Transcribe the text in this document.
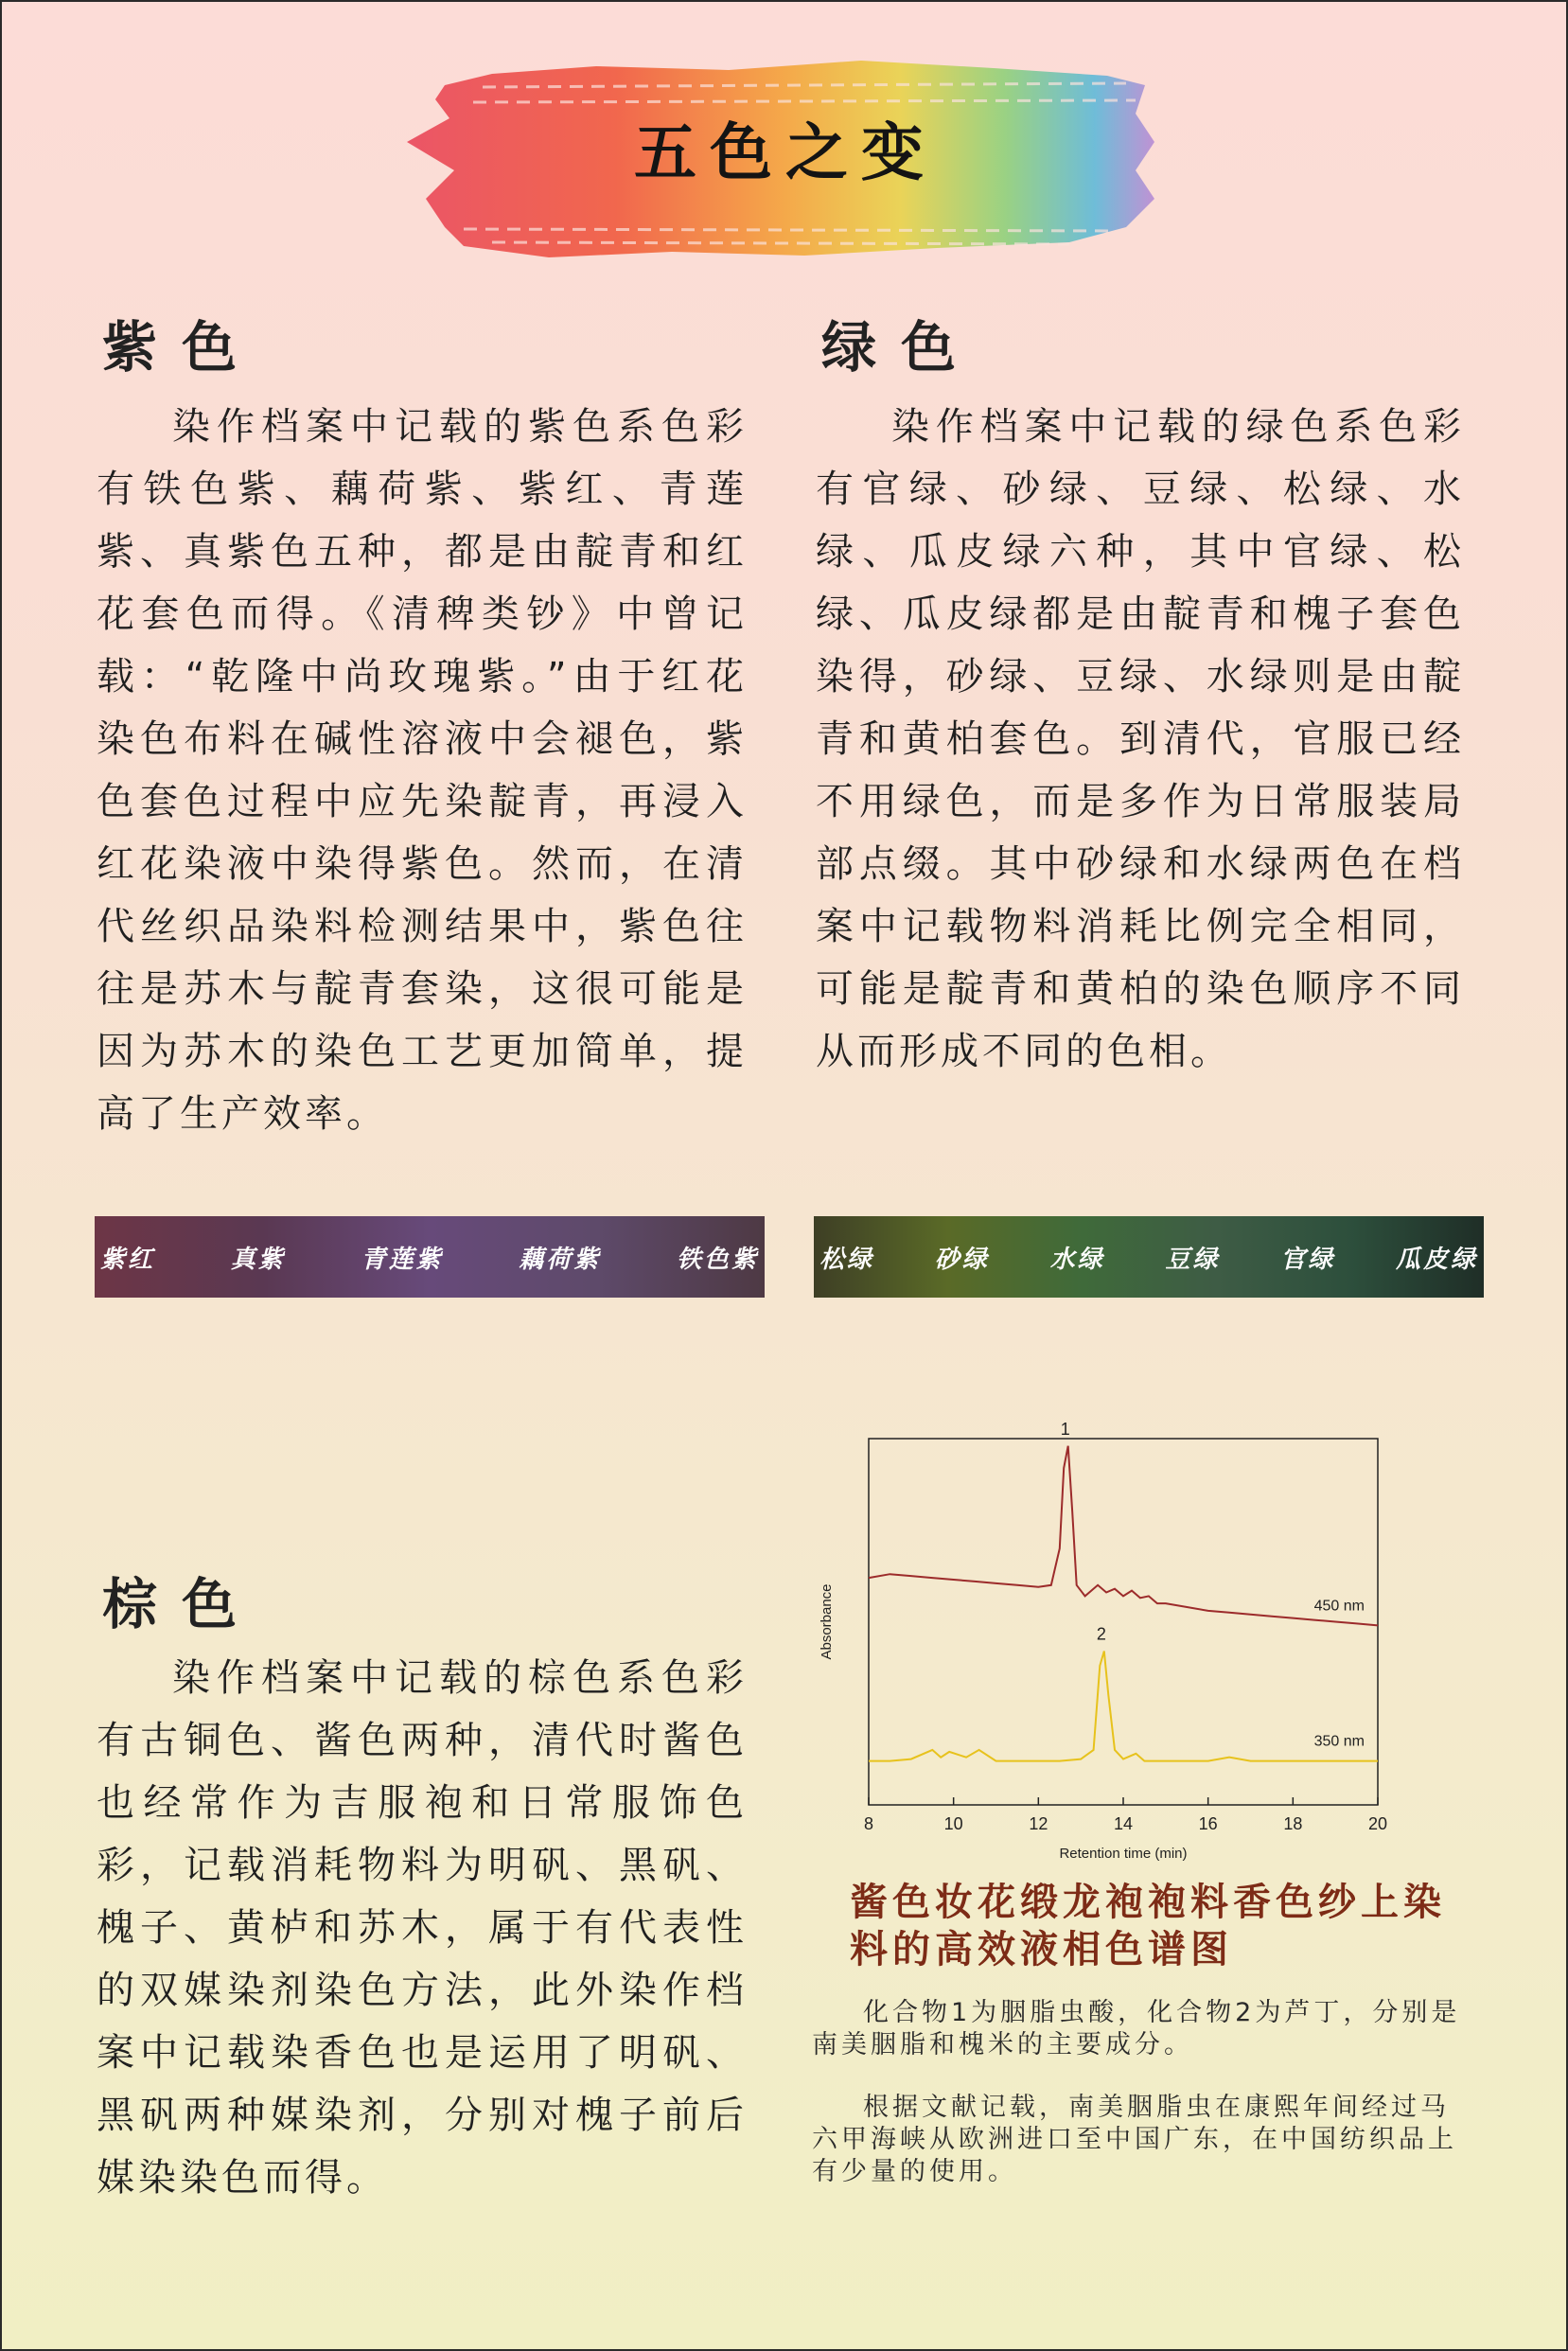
五色之变
紫色
染作档案中记载的紫色系色彩有铁色紫、藕荷紫、紫红、青莲紫、真紫色五种，都是由靛青和红花套色而得。《清稗类钞》中曾记载：“乾隆中尚玫瑰紫。”由于红花染色布料在碱性溶液中会褪色，紫色套色过程中应先染靛青，再浸入红花染液中染得紫色。然而，在清代丝织品染料检测结果中，紫色往往是苏木与靛青套染，这很可能是因为苏木的染色工艺更加简单，提高了生产效率。
紫红	真紫	青莲紫	藕荷紫	铁色紫
绿色
染作档案中记载的绿色系色彩有官绿、砂绿、豆绿、松绿、水绿、瓜皮绿六种，其中官绿、松绿、瓜皮绿都是由靛青和槐子套色染得，砂绿、豆绿、水绿则是由靛青和黄柏套色。到清代，官服已经不用绿色，而是多作为日常服装局部点缀。其中砂绿和水绿两色在档案中记载物料消耗比例完全相同，可能是靛青和黄柏的染色顺序不同从而形成不同的色相。
松绿 砂绿 水绿 豆绿 官绿 瓜皮绿
棕色
染作档案中记载的棕色系色彩有古铜色、酱色两种，清代时酱色也经常作为吉服袍和日常服饰色彩，记载消耗物料为明矾、黑矾、槐子、黄栌和苏木，属于有代表性的双媒染剂染色方法，此外染作档案中记载染香色也是运用了明矾、黑矾两种媒染剂，分别对槐子前后媒染染色而得。
8	10	12	14	16	18	20
Retention time (min)
Absorbance
1
450 nm
2
350 nm
酱色妆花缎龙袍袍料香色纱上染料的高效液相色谱图
化合物1为胭脂虫酸，化合物2为芦丁，分别是南美胭脂和槐米的主要成分。
根据文献记载，南美胭脂虫在康熙年间经过马六甲海峡从欧洲进口至中国广东，在中国纺织品上有少量的使用。
